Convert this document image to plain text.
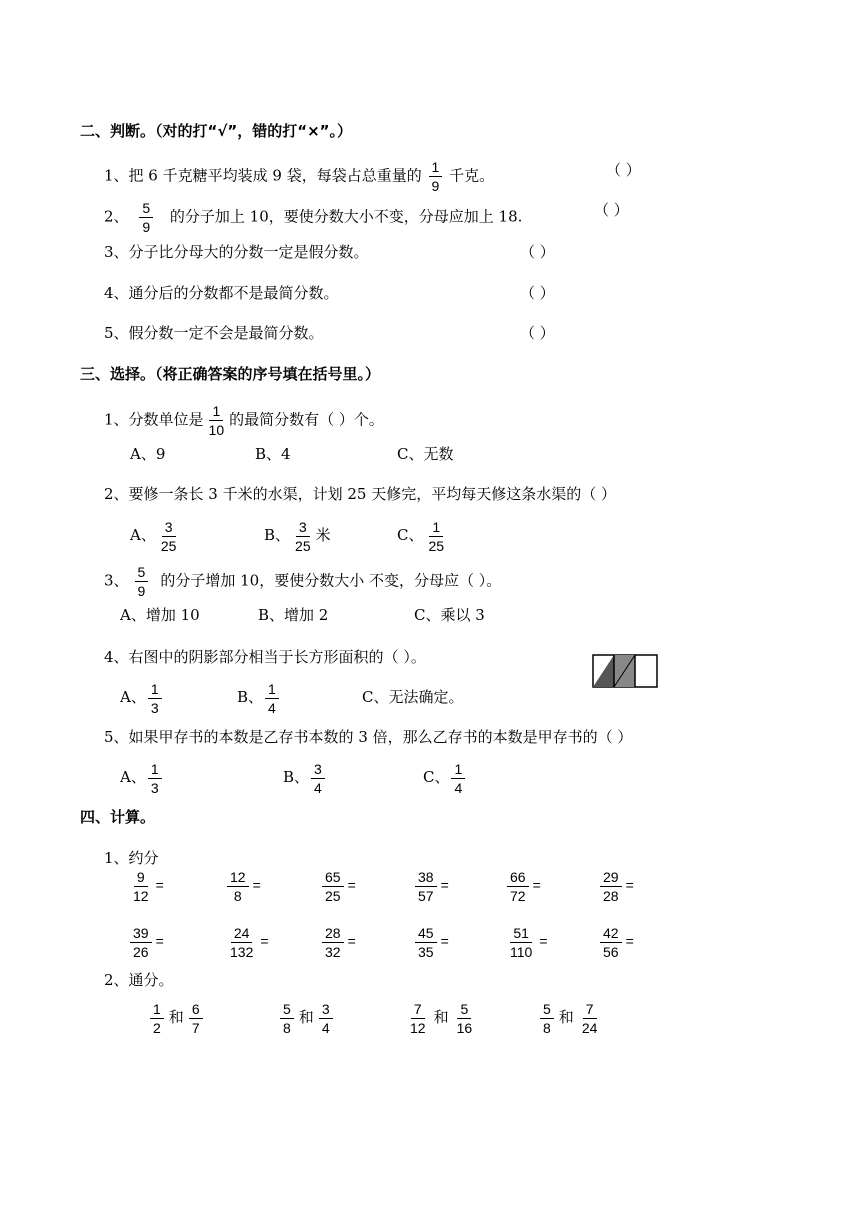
二、判断。（对的打“√”，错的打“×”。）
1、把 6 千克糖平均装成 9 袋，每袋占总重量的 $\frac{1}{9}$ 千克。	（ ）
2、 $\frac{5}{9}$ 的分子加上 10，要使分数大小不变，分母应加上 18.	（ ）
3、分子比分母大的分数一定是假分数。	（ ）
4、通分后的分数都不是最简分数。	（ ）
5、假分数一定不会是最简分数。	（ ）
三、选择。（将正确答案的序号填在括号里。）
1、分数单位是 $\frac{1}{10}$ 的最简分数有（ ）个。
A、9	B、4	C、无数
2、要修一条长 3 千米的水渠，计划 25 天修完，平均每天修这条水渠的（ ）
A、 $\frac{3}{25}$	B、 $\frac{3}{25}$ 米	C、 $\frac{1}{25}$
3、 $\frac{5}{9}$ 的分子增加 10，要使分数大小 不变，分母应（ ）。
A、增加 10	B、增加 2	C、乘以 3
4、右图中的阴影部分相当于长方形面积的（ ）。
A、 $\frac{1}{3}$	B、 $\frac{1}{4}$	C、无法确定。
5、如果甲存书的本数是乙存书本数的 3 倍，那么乙存书的本数是甲存书的（ ）
A、 $\frac{1}{3}$	B、 $\frac{3}{4}$	C、 $\frac{1}{4}$
四、计算。
1、约分
$\frac{9}{12}$ =	$\frac{12}{8}$ =	$\frac{65}{25}$ =	$\frac{38}{57}$ =	$\frac{66}{72}$ =	$\frac{29}{28}$ =
$\frac{39}{26}$ =	$\frac{24}{132}$ =	$\frac{28}{32}$ =	$\frac{45}{35}$ =	$\frac{51}{110}$ =	$\frac{42}{56}$ =
2、通分。
$\frac{1}{2}$ 和 $\frac{6}{7}$	$\frac{5}{8}$ 和 $\frac{3}{4}$	$\frac{7}{12}$ 和 $\frac{5}{16}$	$\frac{5}{8}$ 和 $\frac{7}{24}$
